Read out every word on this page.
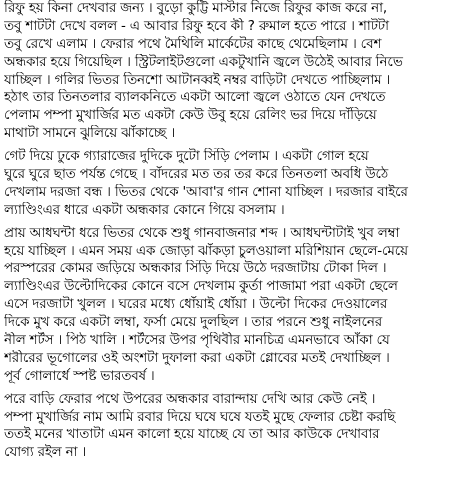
রিফু হয় কিনা দেখবার জন্য । বুড়ো কুট্টি মাস্টার নিজে রিফুর কাজ করে না,
তবু শাটটা দেখে বলল - এ আবার রিফু হবে কী ? রুমাল হতে পারে । শাটটা
তবু রেখে এলাম । ফেরার পথে মৈথিলি মার্কেটের কাছে থেমেছিলাম । বেশ
অন্ধকার হয়ে গিয়েছিল । স্ট্রিটলাইটগুলো একটুখানি জ্বলে উঠেই আবার নিভে
যাচ্ছিল । গলির ভিতর তিনশো আটানব্বই নম্বর বাড়িটা দেখতে পাচ্ছিলাম ।
হঠাৎ তার তিনতলার ব্যালকনিতে একটা আলো জ্বলে ওঠাতে যেন দেখতে
পেলাম পম্পা মুখার্জির মত একটা কেউ উবু হয়ে রেলিং ভর দিয়ে দাঁড়িয়ে
মাথাটা সামনে ঝুলিয়ে ঝাঁকাচ্ছে ।
গেট দিয়ে ঢুকে গ্যারাজের দুদিকে দুটো সিঁড়ি পেলাম । একটা গোল হয়ে
ঘুরে ঘুরে ছাত পর্যন্ত গেছে । বাঁদরের মত তর তর করে তিনতলা অবধি উঠে
দেখলাম দরজা বন্ধ । ভিতর থেকে 'আবা'র গান শোনা যাচ্ছিল । দরজার বাইরে
ল্যাণ্ডিংএর ধারে একটা অন্ধকার কোনে গিয়ে বসলাম ।
প্রায় আধঘন্টা ধরে ভিতর থেকে শুধু গানবাজনার শব্দ । আধঘন্টাটাই খুব লম্বা
হয়ে যাচ্ছিল । এমন সময় এক জোড়া ঝাঁকড়া চুলওয়ালা মরিশিয়ান ছেলে-মেয়ে
পরস্পরের কোমর জড়িয়ে অন্ধকার সিঁড়ি দিয়ে উঠে দরজাটায় টোকা দিল ।
ল্যাণ্ডিংএর উল্টোদিকের কোনে বসে দেখলাম কুর্তা পাজামা পরা একটা ছেলে
এসে দরজাটা খুলল । ঘরের মধ্যে ধোঁয়াই ধোঁয়া । উল্টো দিকের দেওয়ালের
দিকে মুখ করে একটা লম্বা, ফর্সা মেয়ে দুলছিল । তার পরনে শুধু নাইলনের
নীল শর্টস । পিঠ খালি । শর্টসের উপর পৃথিবীর মানচিত্র এমনভাবে আঁকা যে
শরীরের ভূগোলের ওই অংশটা দুফালা করা একটা গ্লোবের মতই দেখাচ্ছিল ।
পূর্ব গোলার্ধে স্পষ্ট ভারতবর্ষ ।
পরে বাড়ি ফেরার পথে উপরের অন্ধকার বারান্দায় দেখি আর কেউ নেই ।
পম্পা মুখার্জির নাম আমি রবার দিয়ে ঘষে ঘষে যতই মুছে ফেলার চেষ্টা করছি
ততই মনের খাতাটা এমন কালো হয়ে যাচ্ছে যে তা আর কাউকে দেখাবার
যোগ্য রইল না ।
